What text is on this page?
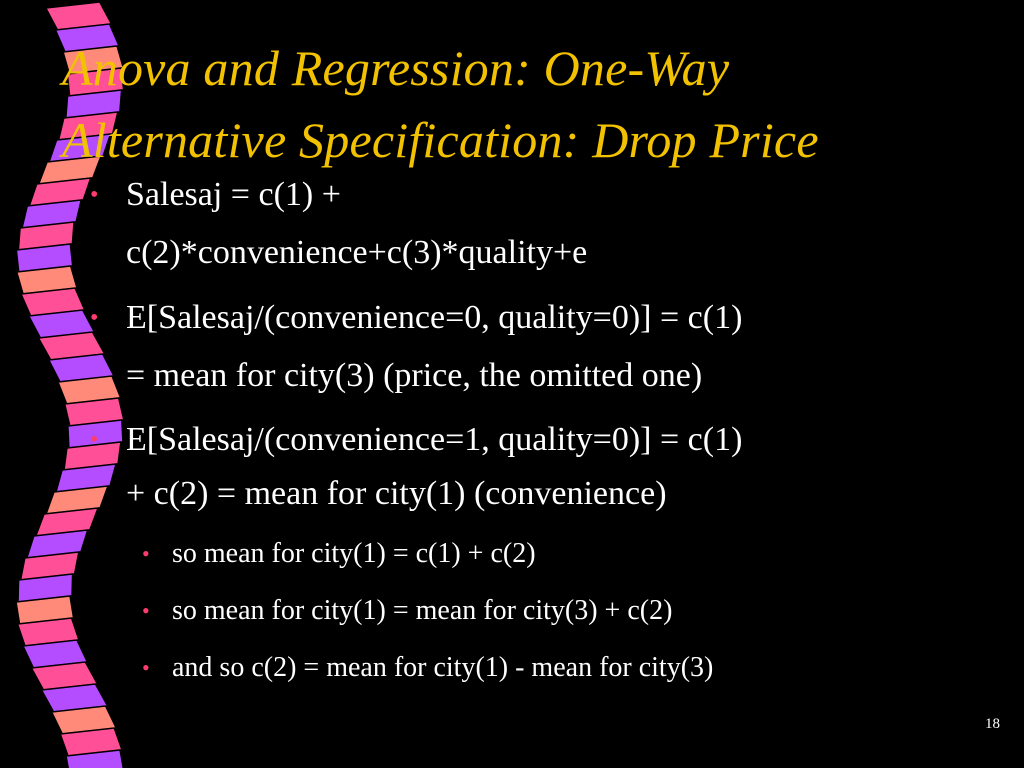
Anova and Regression: One-Way
Alternative Specification: Drop Price
• Salesaj = c(1) +
c(2)*convenience+c(3)*quality+e
• E[Salesaj/(convenience=0, quality=0)] = c(1)
= mean for city(3) (price, the omitted one)
• E[Salesaj/(convenience=1, quality=0)] = c(1)
+ c(2) = mean for city(1) (convenience)
• so mean for city(1) = c(1) + c(2)
• so mean for city(1) = mean for city(3) + c(2)
• and so c(2) = mean for city(1) - mean for city(3)
18
